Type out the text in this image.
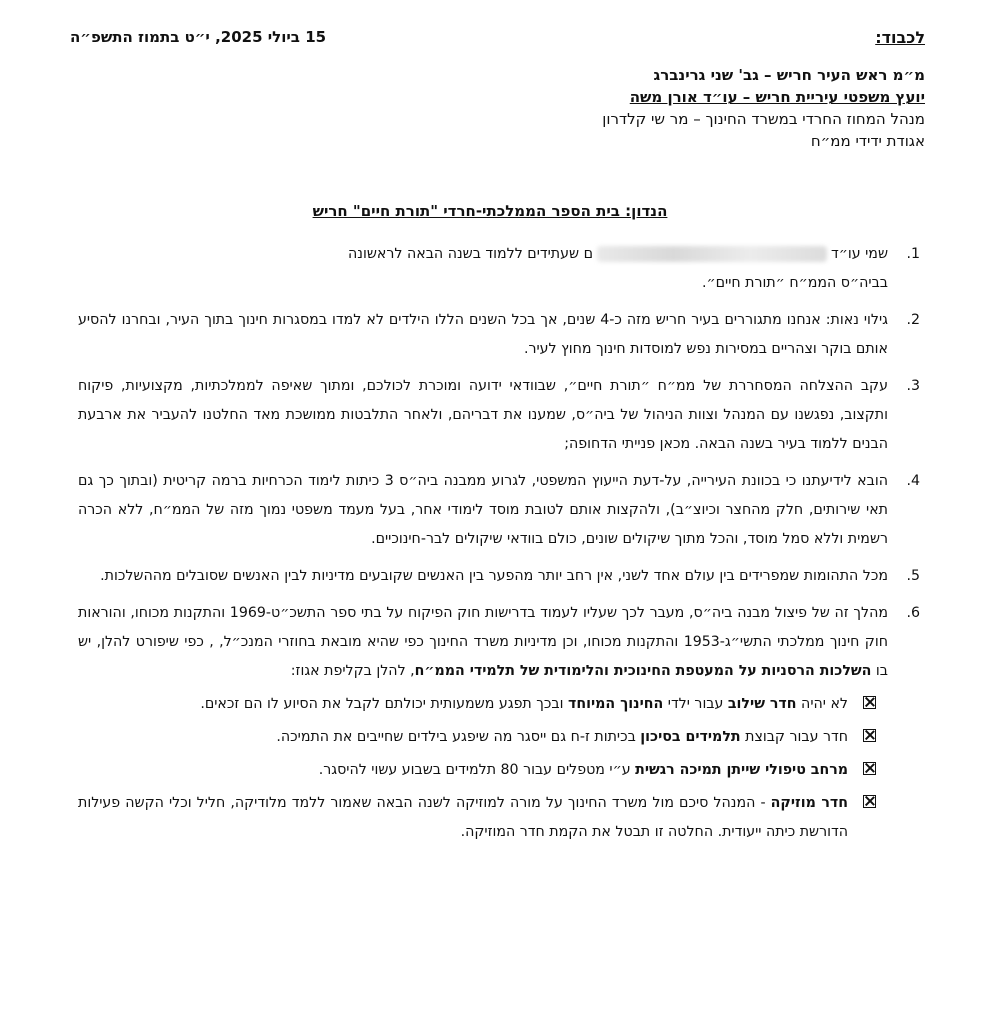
לכבוד:
15 ביולי 2025, י״ט בתמוז התשפ״ה
מ״מ ראש העיר חריש – גב' שני גרינברג
יועץ משפטי עיריית חריש – עו״ד אורן משה
מנהל המחוז החרדי במשרד החינוך – מר שי קלדרון
אגודת ידידי ממ״ח
הנדון: בית הספר הממלכתי-חרדי "תורת חיים" חריש
1.
שמי עו״דם שעתידים ללמוד בשנה הבאה לראשונה
בביה״ס הממ״ח ״תורת חיים״.
2.
גילוי נאות: אנחנו מתגוררים בעיר חריש מזה כ-4 שנים, אך בכל השנים הללו הילדים לא למדו במסגרות חינוך בתוך העיר, ובחרנו להסיע אותם בוקר וצהריים במסירות נפש למוסדות חינוך מחוץ לעיר.
3.
עקב ההצלחה המסחררת של ממ״ח ״תורת חיים״, שבוודאי ידועה ומוכרת לכולכם, ומתוך שאיפה לממלכתיות, מקצועיות, פיקוח ותקצוב, נפגשנו עם המנהל וצוות הניהול של ביה״ס, שמענו את דבריהם, ולאחר התלבטות ממושכת מאד החלטנו להעביר את ארבעת הבנים ללמוד בעיר בשנה הבאה. מכאן פנייתי הדחופה;
4.
הובא לידיעתנו כי בכוונת העירייה, על-דעת הייעוץ המשפטי, לגרוע ממבנה ביה״ס 3 כיתות לימוד הכרחיות ברמה קריטית (ובתוך כך גם תאי שירותים, חלק מהחצר וכיוצ״ב), ולהקצות אותם לטובת מוסד לימודי אחר, בעל מעמד משפטי נמוך מזה של הממ״ח, ללא הכרה רשמית וללא סמל מוסד, והכל מתוך שיקולים שונים, כולם בוודאי שיקולים לבר-חינוכיים.
5.
מכל התהומות שמפרידים בין עולם אחד לשני, אין רחב יותר מהפער בין האנשים שקובעים מדיניות לבין האנשים שסובלים מההשלכות.
6.
מהלך זה של פיצול מבנה ביה״ס, מעבר לכך שעליו לעמוד בדרישות חוק הפיקוח על בתי ספר התשכ״ט-1969 והתקנות מכוחו, והוראות חוק חינוך ממלכתי התשי״ג-1953 והתקנות מכוחו, וכן מדיניות משרד החינוך כפי שהיא מובאת בחוזרי המנכ״ל, , כפי שיפורט להלן, יש בו השלכות הרסניות על המעטפת החינוכית והלימודית של תלמידי הממ״ח, להלן בקליפת אגוז:
לא יהיה חדר שילוב עבור ילדי החינוך המיוחד ובכך תפגע משמעותית יכולתם לקבל את הסיוע לו הם זכאים.
חדר עבור קבוצת תלמידים בסיכון בכיתות ז-ח גם ייסגר מה שיפגע בילדים שחייבים את התמיכה.
מרחב טיפולי שייתן תמיכה רגשית ע״י מטפלים עבור 80 תלמידים בשבוע עשוי להיסגר.
חדר מוזיקה - המנהל סיכם מול משרד החינוך על מורה למוזיקה לשנה הבאה שאמור ללמד מלודיקה, חליל וכלי הקשה פעילות הדורשת כיתה ייעודית. החלטה זו תבטל את הקמת חדר המוזיקה.
